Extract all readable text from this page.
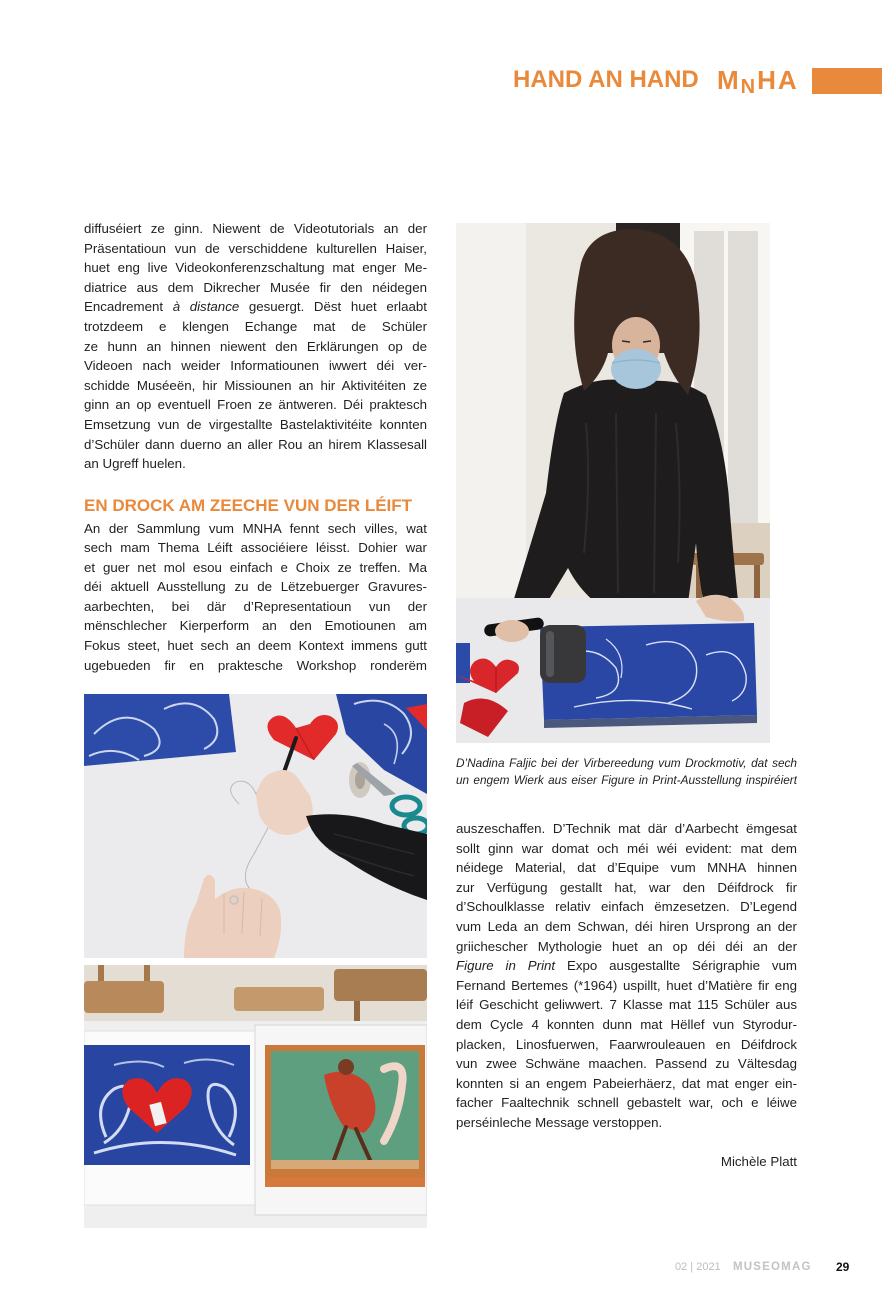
HAND AN HAND M N H A
diffuséiert ze ginn. Niewent de Videotutorials an der
Präsentatioun vun de verschiddene kulturellen Haiser,
huet eng live Videokonferenzschaltung mat enger Me-
diatrice aus dem Dikrecher Musée fir den néidegen
Encadrement à distance gesuergt. Dëst huet erlaabt
trotzdeem e klengen Echange mat de Schüler
ze hunn an hinnen niewent den Erklärungen op de
Videoen nach weider Informatiounen iwwert déi ver-
schidde Muséeën, hir Missiounen an hir Aktivitéiten ze
ginn an op eventuell Froen ze äntweren. Déi praktesch
Emsetzung vun de virgestallte Bastelaktivitéite konnten
d’Schüler dann duerno an aller Rou an hirem Klassesall
an Ugreff huelen.
EN DROCK AM ZEECHE VUN DER LÉIFT
An der Sammlung vum MNHA fennt sech villes, wat
sech mam Thema Léift associéiere léisst. Dohier war
et guer net mol esou einfach e Choix ze treffen. Ma
déi aktuell Ausstellung zu de Lëtzebuerger Gravures-
aarbechten, bei där d’Representatioun vun der
mënschlecher Kierperform an den Emotiounen am
Fokus steet, huet sech an deem Kontext immens gutt
ugebueden fir en praktesche Workshop ronderëm
D’Nadina Faljic bei der Virbereedung vum Drockmotiv, dat sech
un engem Wierk aus eiser Figure in Print-Ausstellung inspiréiert
auszeschaffen. D’Technik mat där d’Aarbecht ëmgesat
sollt ginn war domat och méi wéi evident: mat dem
néidege Material, dat d’Equipe vum MNHA hinnen
zur Verfügung gestallt hat, war den Déifdrock fir
d’Schoulklasse relativ einfach ëmzesetzen. D’Legend
vum Leda an dem Schwan, déi hiren Ursprong an der
griichescher Mythologie huet an op déi déi an der
Figure in Print Expo ausgestallte Sérigraphie vum
Fernand Bertemes (*1964) uspillt, huet d’Matière fir eng
léif Geschicht geliwwert. 7 Klasse mat 115 Schüler aus
dem Cycle 4 konnten dunn mat Hëllef vun Styrodur-
placken, Linosfuerwen, Faarwrouleauen en Déifdrock
vun zwee Schwäne maachen. Passend zu Vältesdag
konnten si an engem Pabeierhäerz, dat mat enger ein-
facher Faaltechnik schnell gebastelt war, och e léiwe
perséinleche Message verstoppen.
Michèle Platt
02 | 2021 MUSEOMAG 29
